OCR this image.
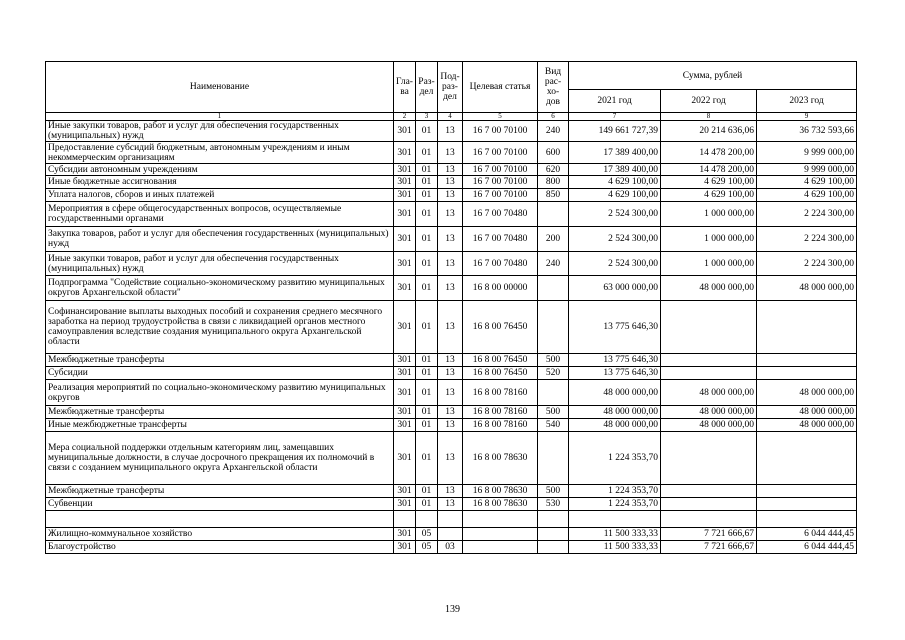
Наименование	Гла-ва	Раз-дел	Под-раз-дел	Целевая статья	Вид рас-хо-дов	Сумма, рублей		
						2021 год	2022 год	2023 год
1	2	3	4	5	6	7	8	9
Иные закупки товаров, работ и услуг для обеспечения государственных (муниципальных) нужд	301	01	13	16 7 00 70100	240	149 661 727,39	20 214 636,06	36 732 593,66
Предоставление субсидий бюджетным, автономным учреждениям и иным некоммерческим организациям	301	01	13	16 7 00 70100	600	17 389 400,00	14 478 200,00	9 999 000,00
Субсидии автономным учреждениям	301	01	13	16 7 00 70100	620	17 389 400,00	14 478 200,00	9 999 000,00
Иные бюджетные ассигнования	301	01	13	16 7 00 70100	800	4 629 100,00	4 629 100,00	4 629 100,00
Уплата налогов, сборов и иных платежей	301	01	13	16 7 00 70100	850	4 629 100,00	4 629 100,00	4 629 100,00
Мероприятия в сфере общегосударственных вопросов, осуществляемые государственными органами	301	01	13	16 7 00 70480		2 524 300,00	1 000 000,00	2 224 300,00
Закупка товаров, работ и услуг для обеспечения государственных (муниципальных) нужд	301	01	13	16 7 00 70480	200	2 524 300,00	1 000 000,00	2 224 300,00
Иные закупки товаров, работ и услуг для обеспечения государственных (муниципальных) нужд	301	01	13	16 7 00 70480	240	2 524 300,00	1 000 000,00	2 224 300,00
Подпрограмма "Содействие социально-экономическому развитию муниципальных округов Архангельской области"	301	01	13	16 8 00 00000		63 000 000,00	48 000 000,00	48 000 000,00
Софинансирование выплаты выходных пособий и сохранения среднего месячного заработка на период трудоустройства в связи с ликвидацией органов местного самоуправления вследствие создания муниципального округа Архангельской области	301	01	13	16 8 00 76450		13 775 646,30		
Межбюджетные трансферты	301	01	13	16 8 00 76450	500	13 775 646,30		
Субсидии	301	01	13	16 8 00 76450	520	13 775 646,30		
Реализация мероприятий по социально-экономическому развитию муниципальных округов	301	01	13	16 8 00 78160		48 000 000,00	48 000 000,00	48 000 000,00
Межбюджетные трансферты	301	01	13	16 8 00 78160	500	48 000 000,00	48 000 000,00	48 000 000,00
Иные межбюджетные трансферты	301	01	13	16 8 00 78160	540	48 000 000,00	48 000 000,00	48 000 000,00
Мера социальной поддержки отдельным категориям лиц, замещавших муниципальные должности, в случае досрочного прекращения их полномочий в связи с созданием муниципального округа Архангельской области	301	01	13	16 8 00 78630		1 224 353,70		
Межбюджетные трансферты	301	01	13	16 8 00 78630	500	1 224 353,70		
Субвенции	301	01	13	16 8 00 78630	530	1 224 353,70		

Жилищно-коммунальное хозяйство	301	05				11 500 333,33	7 721 666,67	6 044 444,45
Благоустройство	301	05	03			11 500 333,33	7 721 666,67	6 044 444,45
139
